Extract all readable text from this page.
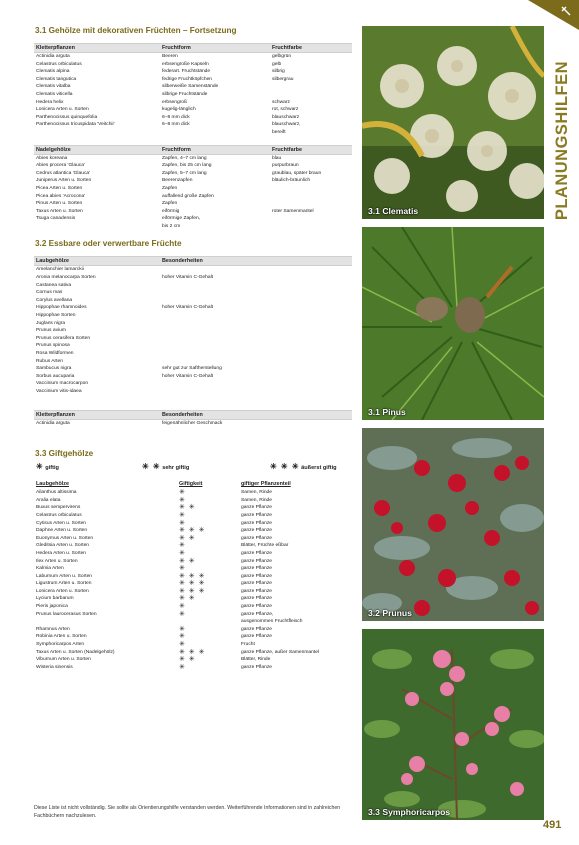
3.1 Gehölze mit dekorativen Früchten – Fortsetzung
Kletterpflanzen	Fruchtform	Fruchtfarbe
Actinidia arguta	Beeren	gelbgrün
Celastrus orbiculatus	erbsengroße Kapseln	gelb
Clematis alpina	federart. Fruchtstände	silbrig
Clematis tangutica	fedrige Fruchtköpfchen	silbergrau
Clematis vitalba	silberweiße Samenstände
Clematis viticella	silbrige Fruchtstände
Hedera helix	erbsengroß	schwarz
Lonicera Arten u. Sorten	kugelig-länglich	rot, schwarz
Parthenocissus quinquefolia	6–8 mm dick	blauschwarz
Parthenocissus tricuspidata 'Veitchii'	6–8 mm dick	blauschwarz,
bereift
Nadelgehölze	Fruchtform	Fruchtfarbe
Abies koreana	Zapfen, 4–7 cm lang	blau
Abies procera 'Glauca'	Zapfen, bis 25 cm lang	purpurbraun
Cedrus atlantica 'Glauca'	Zapfen, 5–7 cm lang	graublau, später braun
Juniperus Arten u. Sorten	Beerenzapfen	bläulich-bräunlich
Picea Arten u. Sorten	Zapfen
Picea abies 'Acrocona'	auffallend große Zapfen
Pinus Arten u. Sorten	Zapfen
Taxus Arten u. Sorten	eiförmig	roter Samenmantel
Tsuga canadensis	eiförmige Zapfen,
bis 2 cm
3.2 Essbare oder verwertbare Früchte
Laubgehölze	Besonderheiten
Amelanchier lamarckii
Aronia melanocarpa Sorten	hoher Vitamin C-Gehalt
Castanea sativa
Cornus mas
Corylus avellana
Hippophae rhamnoides	hoher Vitamin C-Gehalt
Hippophae Sorten
Juglans nigra
Prunus avium
Prunus cerasifera Sorten
Prunus spinosa
Rosa Wildformen
Rubus Arten
Sambucus nigra	sehr gut zur Saftherstellung
Sorbus aucuparia	hoher Vitamin C-Gehalt
Vaccinium macrocarpon
Vaccinium vitis-idaea
Kletterpflanzen	Besonderheiten
Actinidia arguta	feigenähnlicher Geschmack
3.3 Giftgehölze
✳ giftig	✳ ✳ sehr giftig	✳ ✳ ✳ äußerst giftig
Laubgehölze	Giftigkeit	giftiger Pflanzenteil
Ailanthus altissima	✳	Samen, Rinde
Aralia elata	✳	Samen, Rinde
Buxus sempervirens	✳ ✳	ganze Pflanze
Celastrus orbiculatus	✳	ganze Pflanze
Cytisus Arten u. Sorten	✳	ganze Pflanze
Daphne Arten u. Sorten	✳ ✳ ✳	ganze Pflanze
Euonymus Arten u. Sorten	✳ ✳	ganze Pflanze
Gleditsia Arten u. Sorten	✳	Blätter, Früchte eßbar
Hedera Arten u. Sorten	✳	ganze Pflanze
Ilex Arten u. Sorten	✳ ✳	ganze Pflanze
Kalmia Arten	✳	ganze Pflanze
Laburnum Arten u. Sorten	✳ ✳ ✳	ganze Pflanze
Ligustrum Arten u. Sorten	✳ ✳ ✳	ganze Pflanze
Lonicera Arten u. Sorten	✳ ✳ ✳	ganze Pflanze
Lycium barbarum	✳ ✳	ganze Pflanze
Pieris japonica	✳	ganze Pflanze
Prunus laurocerasus Sorten	✳	ganze Pflanze,
ausgenommen Fruchtfleisch
Rhamnus Arten	✳	ganze Pflanze
Robinia Arten u. Sorten	✳	ganze Pflanze
Symphoricarpos Arten	✳	Frucht
Taxus Arten u. Sorten (Nadelgehölz)	✳ ✳ ✳	ganze Pflanze, außer Samenmantel
Viburnum Arten u. Sorten	✳ ✳	Blätter, Rinde
Wisteria sinensis	✳	ganze Pflanze
Diese Liste ist nicht vollständig. Sie sollte als Orientierungshilfe verstanden werden. Weiterführende Informationen sind in zahlreichen Fachbüchern nachzulesen.
3.1 Clematis
3.1 Pinus
3.2 Prunus
3.3 Symphoricarpos
PLANUNGSHILFEN
491
